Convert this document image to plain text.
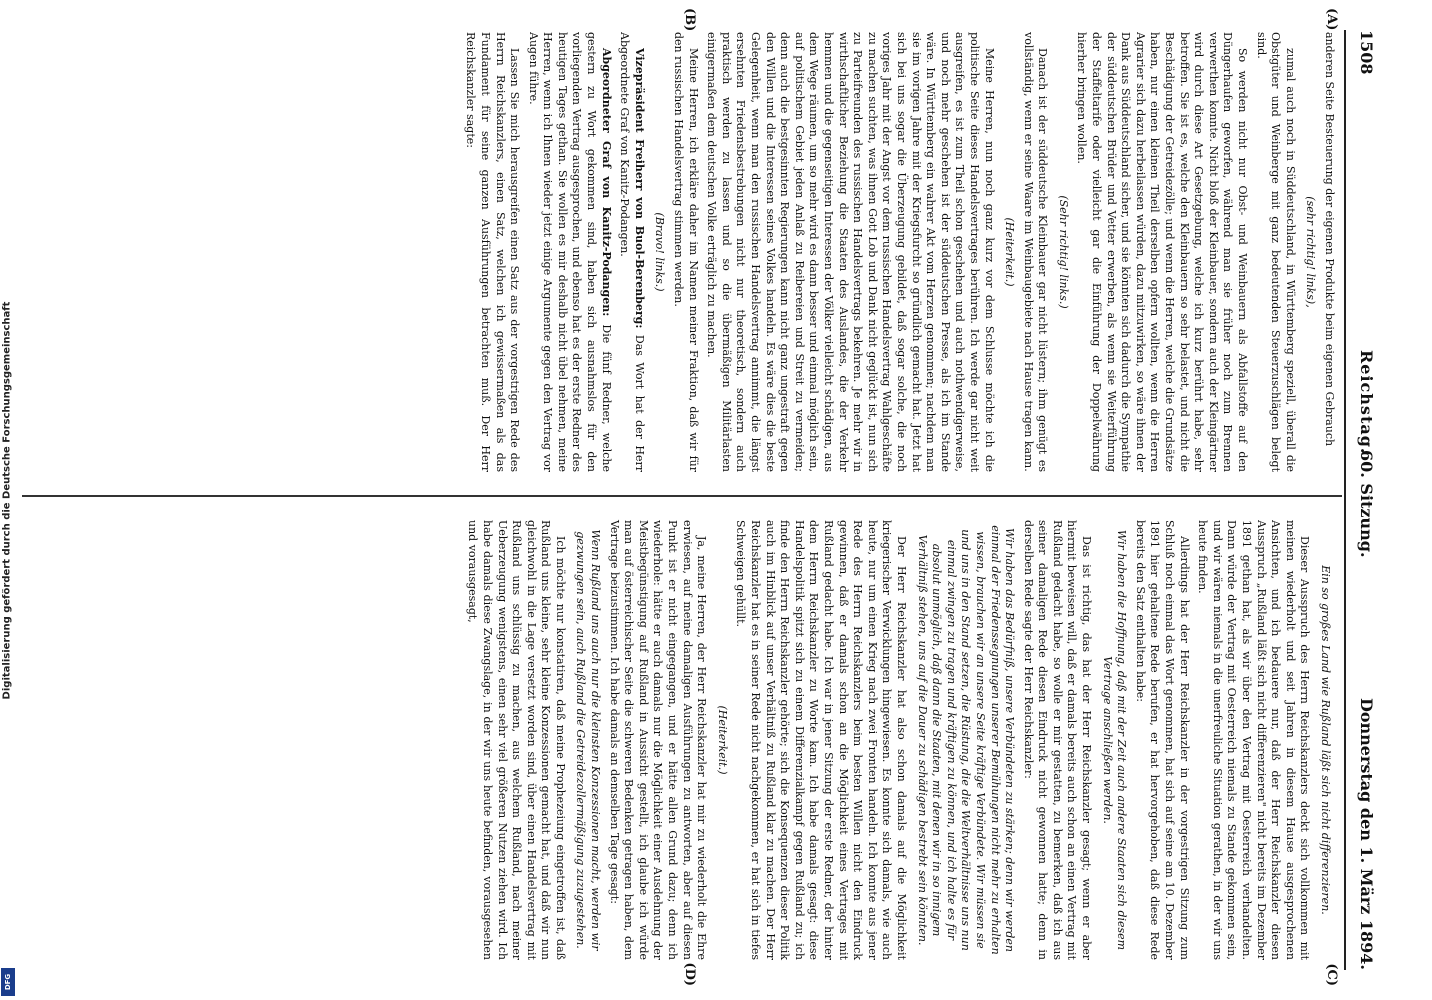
1508
Reichstag.
60. Sitzung.
Donnerstag den 1. März 1894.
(A)
(B)

anderen Seite Besteuerung der eigenen Produkte beim eigenen Gebrauch

(sehr richtig! links),

zumal auch noch in Süddeutschland, in Württemberg speziell, überall die Obstgüter und Weinberge mit ganz bedeutenden Steuerzuschlägen belegt sind.

So werden nicht nur Obst- und Weinbauern als Abfallstoffe auf den Düngerhaufen geworfen, während man sie früher noch zum Brennen verwerthen konnte. Nicht bloß der Kleinbauer, sondern auch der Kleingärtner wird durch diese Art Gesetzgebung, welche ich kurz berührt habe, sehr betroffen. Sie ist es, welche den Kleinbauern so sehr belastet, und nicht die Beschädigung der Getreidezölle; und wenn die Herren, welche die Grundsätze haben, nur einen kleinen Theil derselben opfern wollten, wenn die Herren Agrarier sich dazu herbeilassen würden, dazu mitzuwirken, so wäre ihnen der Dank aus Süddeutschland sicher, und sie könnten sich dadurch die Sympathie der süddeutschen Brüder und Vetter erwerben, als wenn sie Weiterführung der Staffeltarife oder vielleicht gar die Einführung der Doppelwährung hierher bringen wollen.

(Sehr richtig! links.)

Danach ist der süddeutsche Kleinbauer gar nicht lüstern; ihm genügt es vollständig, wenn er seine Waare im Weinbaugebiete nach Hause tragen kann.

(Heiterkeit.)

Meine Herren, nun noch ganz kurz vor dem Schlusse möchte ich die politische Seite dieses Handelsvertrages berühren. Ich werde gar nicht weit ausgreifen, es ist zum Theil schon geschehen und auch nothwendigerweise, und noch mehr geschehen ist der süddeutschen Presse, als ich im Stande wäre. In Württemberg ein wahrer Akt vom Herzen genommen; nachdem man sie im vorigen Jahre mit der Kriegsfurcht so gründlich gemacht hat. Jetzt hat sich bei uns sogar die Überzeugung gebildet, daß sogar solche, die noch voriges Jahr mit der Angst vor dem russischen Handelsvertrag Wahlgeschäfte zu machen suchten, was ihnen Gott Lob und Dank nicht geglückt ist, nun sich zu Parteifreunden des russischen Handelsvertrags bekehren. Je mehr wir in wirthschaftlicher Beziehung die Staaten des Auslandes, die der Verkehr hemmen und die gegenseitigen Interessen der Völker vielleicht schädigen, aus dem Wege räumen, um so mehr wird es dann besser und einmal möglich sein, auf politischem Gebiet jeden Anlaß zu Reibereien und Streit zu vermeiden; denn auch die bestgesinnten Regierungen kann nicht ganz ungestraft gegen den Willen und die Interessen seines Volkes handeln. Es wäre dies die beste Gelegenheit, wenn man den russischen Handelsvertrag annimmt, die längst ersehnten Friedensbestrebungen nicht nur theoretisch, sondern auch praktisch werden zu lassen und so die übermäßigen Militärlasten einigermaßen dem deutschen Volke erträglich zu machen.

Meine Herren, ich erkläre daher im Namen meiner Fraktion, daß wir für den russischen Handelsvertrag stimmen werden.

(Bravo! links.)

Vizepräsident Freiherr von Buol-Berenberg: Das Wort hat der Herr Abgeordnete Graf von Kanitz-Podangen.

Abgeordneter Graf von Kanitz-Podangen: Die fünf Redner, welche gestern zu Wort gekommen sind, haben sich ausnahmslos für den vorliegenden Vertrag ausgesprochen, und ebenso hat es der erste Redner des heutigen Tages gethan. Sie wollen es mir deshalb nicht übel nehmen, meine Herren, wenn ich Ihnen wieder jetzt einige Argumente gegen den Vertrag vor Augen führe.

Lassen Sie mich herausgreifen einen Satz aus der vorgestrigen Rede des Herrn Reichskanzlers, einen Satz, welchen ich gewissermaßen als das Fundament für seine ganzen Ausführungen betrachten muß. Der Herr Reichskanzler sagte:

(C)
(D)

Ein so großes Land wie Rußland läßt sich nicht differenzieren.

Dieser Ausspruch des Herrn Reichskanzlers deckt sich vollkommen mit meinen wiederholt und seit Jahren in diesem Hause ausgesprochenen Ansichten, und ich bedauere nur, daß der Herr Reichskanzler diesen Ausspruch „Rußland läßt sich nicht differenzieren" nicht bereits im Dezember 1891 gethan hat, als wir über den Vertrag mit Oesterreich verhandelten. Dann würde der Vertrag mit Oesterreich niemals zu Stande gekommen sein, und wir wären niemals in die unerfreuliche Situation gerathen, in der wir uns heute finden.

Allerdings hat der Herr Reichskanzler in der vorgestrigen Sitzung zum Schluß noch einmal das Wort genommen, hat sich auf seine am 10. Dezember 1891 hier gehaltene Rede berufen, er hat hervorgehoben, daß diese Rede bereits den Satz enthalten habe:

Wir haben die Hoffnung, daß mit der Zeit auch andere Staaten sich diesem Vertrage anschließen werden.

Das ist richtig, das hat der Herr Reichskanzler gesagt; wenn er aber hiermit beweisen will, daß er damals bereits auch schon an einen Vertrag mit Rußland gedacht habe, so wolle er mir gestatten, zu bemerken, daß ich aus seiner damaligen Rede diesen Eindruck nicht gewonnen hatte; denn in derselben Rede sagte der Herr Reichskanzler:

Wir haben das Bedürfniß, unsere Verbündeten zu stärken; denn wir werden einmal der Friedenssegnungen unserer Bemühungen nicht mehr zu erhalten wissen, brauchen wir an unsere Seite kräftige Verbündete. Wir müssen sie und uns in den Stand setzen, die Rüstung, die die Weltverhältnisse uns nun einmal zwingen zu tragen und kräftigen zu können, und ich halte es für absolut unmöglich, daß dann die Staaten, mit denen wir in so innigem Verhältniß stehen, uns auf die Dauer zu schädigen bestrebt sein könnten.

Der Herr Reichskanzler hat also schon damals auf die Möglichkeit kriegerischer Verwicklungen hingewiesen. Es konnte sich damals, wie auch heute, nur um einen Krieg nach zwei Fronten handeln. Ich konnte aus jener Rede des Herrn Reichskanzlers beim besten Willen nicht den Eindruck gewinnen, daß er damals schon an die Möglichkeit eines Vertrages mit Rußland gedacht habe. Ich war in jener Sitzung der erste Redner, der hinter dem Herrn Reichskanzler zu Worte kam. Ich habe damals gesagt: diese Handelspolitik spitzt sich zu einem Differenzialkampf gegen Rußland zu; ich finde den Herrn Reichskanzler gehörte; sich die Konsequenzen dieser Politik auch im Hinblick auf unser Verhältniß zu Rußland klar zu machen. Der Herr Reichskanzler hat es in seiner Rede nicht nachgekommen, er hat sich in tiefes Schweigen gehüllt.

(Heiterkeit.)

Ja, meine Herren, der Herr Reichskanzler hat mir zu wiederholt die Ehre erwiesen, auf meine damaligen Ausführungen zu antworten, aber auf diesen Punkt ist er nicht eingegangen, und er hätte allen Grund dazu; denn ich wiederhole: hätte er auch damals nur die Möglichkeit einer Ausdehnung der Meistbegünstigung auf Rußland in Aussicht gestellt, ich glaube ich würde man auf österreichischer Seite die schweren Bedenken getragen haben, dem Vertrage beizustimmen. Ich habe damals an demselben Tage gesagt:

Wenn Rußland uns auch nur die kleinsten Konzessionen macht, werden wir gezwungen sein, auch Rußland die Getreidezollermäßigung zuzugestehen.

Ich möchte nur konstatiren, daß meine Prophezeiung eingetroffen ist, daß Rußland uns kleine, sehr kleine Konzessionen gemacht hat, und daß wir nun gleichwohl in die Lage versetzt worden sind, über einen Handelsvertrag mit Rußland uns schlüssig zu machen, aus welchem Rußland, nach meiner Ueberzeugung wenigstens, einen sehr viel größeren Nutzen ziehen wird. Ich habe damals diese Zwangslage, in der wir uns heute befinden, vorausgesehen und vorausgesagt,

Digitalisierung gefördert durch die Deutsche Forschungsgemeinschaft
DFG
